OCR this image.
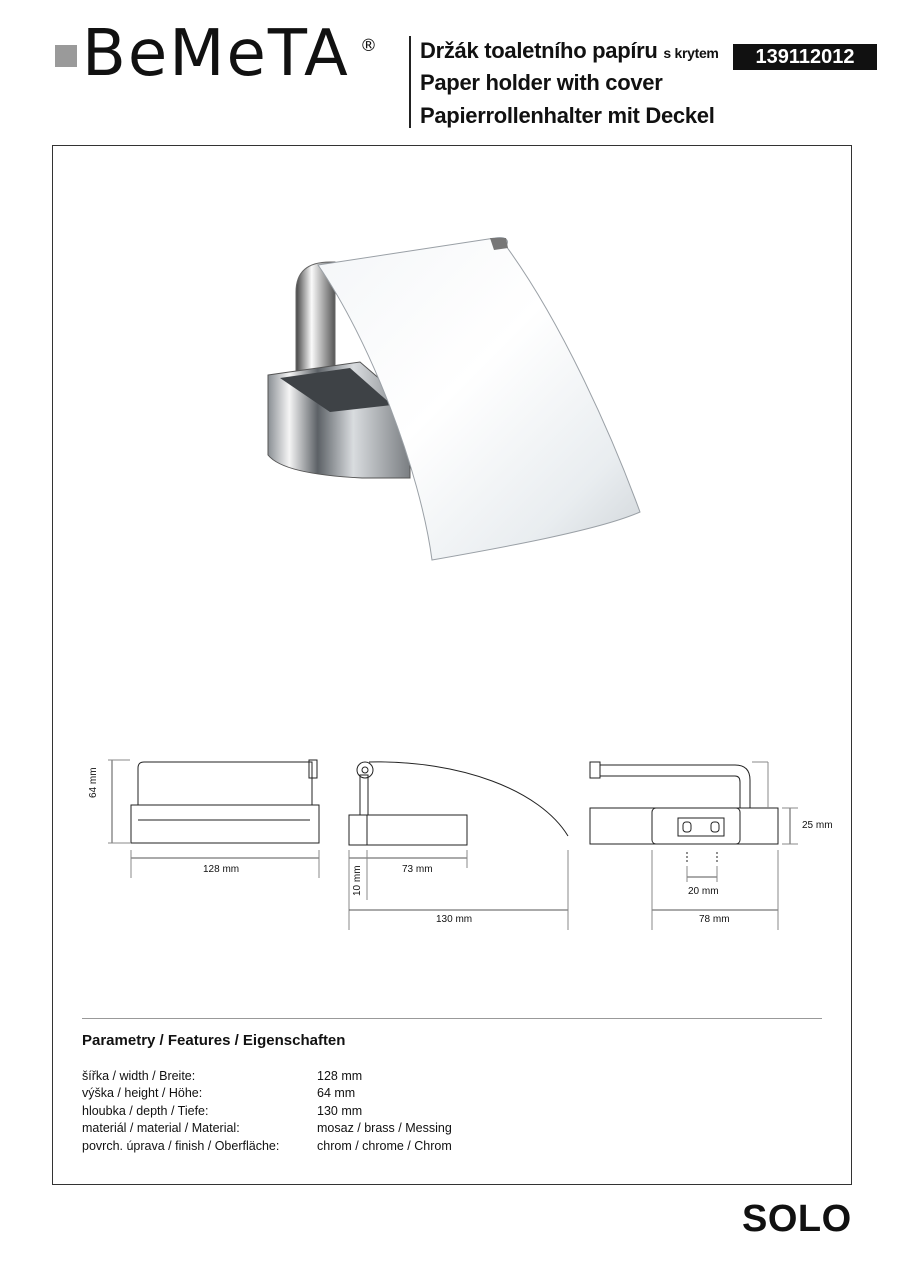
BeMeTA ® Držák toaletního papíru s krytem
Paper holder with cover
Papierrollenhalter mit Deckel
139112012
64 mm
128 mm	10 mm	73 mm
130 mm
25 mm
20 mm
78 mm
Parametry / Features / Eigenschaften
šířka / width / Breite:	128 mm
výška / height / Höhe:	64 mm
hloubka / depth / Tiefe:	130 mm
materiál / material / Material:	mosaz / brass / Messing
povrch. úprava / finish / Oberfläche:	chrom / chrome / Chrom
SOLO
